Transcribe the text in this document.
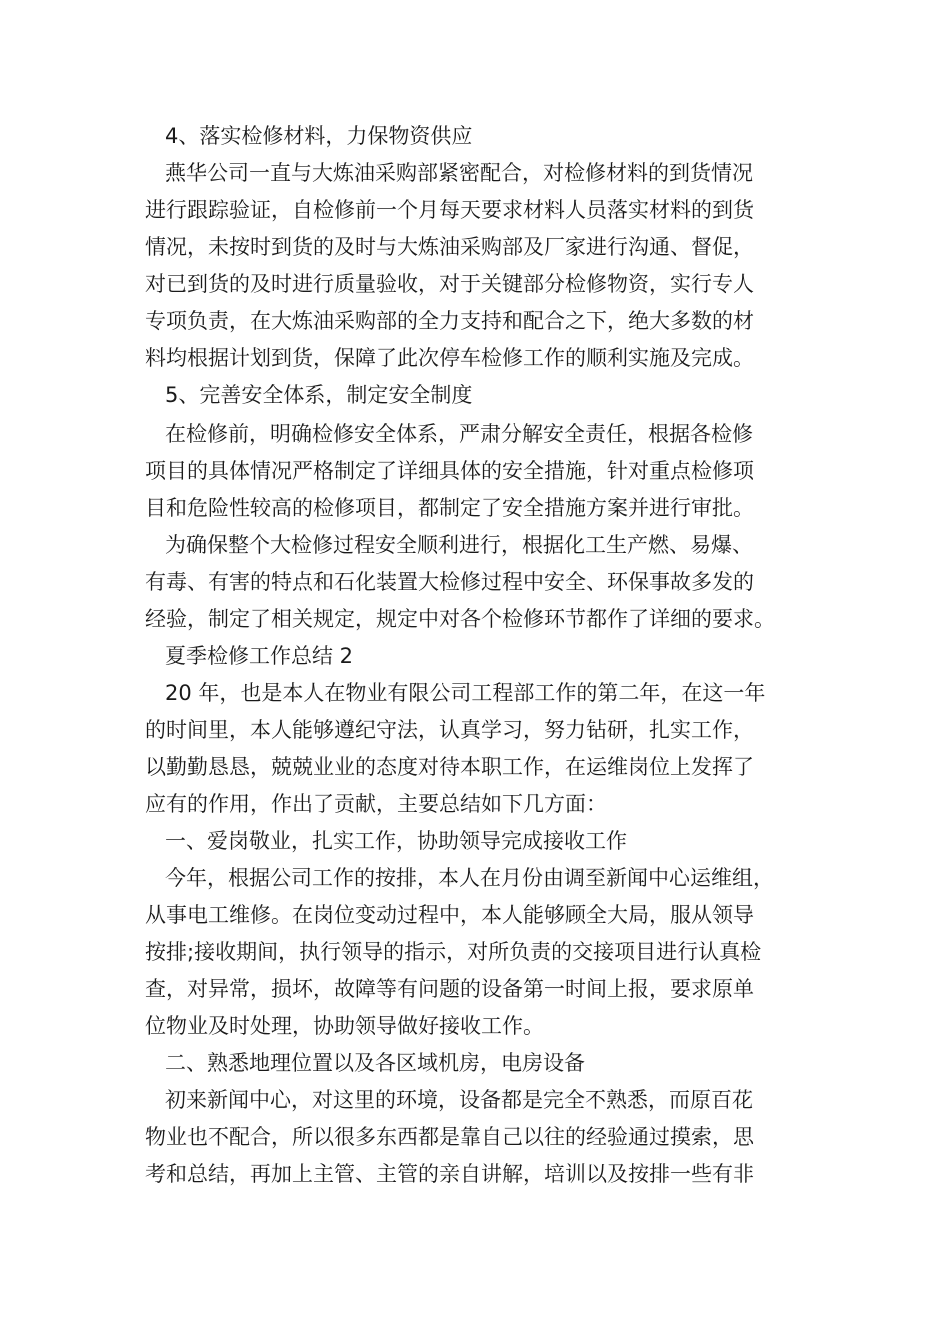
4、落实检修材料，力保物资供应
燕华公司一直与大炼油采购部紧密配合，对检修材料的到货情况
进行跟踪验证，自检修前一个月每天要求材料人员落实材料的到货
情况，未按时到货的及时与大炼油采购部及厂家进行沟通、督促，
对已到货的及时进行质量验收，对于关键部分检修物资，实行专人
专项负责，在大炼油采购部的全力支持和配合之下，绝大多数的材
料均根据计划到货，保障了此次停车检修工作的顺利实施及完成。
5、完善安全体系，制定安全制度
在检修前，明确检修安全体系，严肃分解安全责任，根据各检修
项目的具体情况严格制定了详细具体的安全措施，针对重点检修项
目和危险性较高的检修项目，都制定了安全措施方案并进行审批。
为确保整个大检修过程安全顺利进行，根据化工生产燃、易爆、
有毒、有害的特点和石化装置大检修过程中安全、环保事故多发的
经验，制定了相关规定，规定中对各个检修环节都作了详细的要求。
夏季检修工作总结 2
20 年，也是本人在物业有限公司工程部工作的第二年，在这一年
的时间里，本人能够遵纪守法，认真学习，努力钻研，扎实工作，
以勤勤恳恳，兢兢业业的态度对待本职工作，在运维岗位上发挥了
应有的作用，作出了贡献，主要总结如下几方面：
一、爱岗敬业，扎实工作，协助领导完成接收工作
今年，根据公司工作的按排，本人在月份由调至新闻中心运维组，
从事电工维修。在岗位变动过程中，本人能够顾全大局，服从领导
按排;接收期间，执行领导的指示，对所负责的交接项目进行认真检
查，对异常，损坏，故障等有问题的设备第一时间上报，要求原单
位物业及时处理，协助领导做好接收工作。
二、熟悉地理位置以及各区域机房，电房设备
初来新闻中心，对这里的环境，设备都是完全不熟悉，而原百花
物业也不配合，所以很多东西都是靠自己以往的经验通过摸索，思
考和总结，再加上主管、主管的亲自讲解，培训以及按排一些有非
